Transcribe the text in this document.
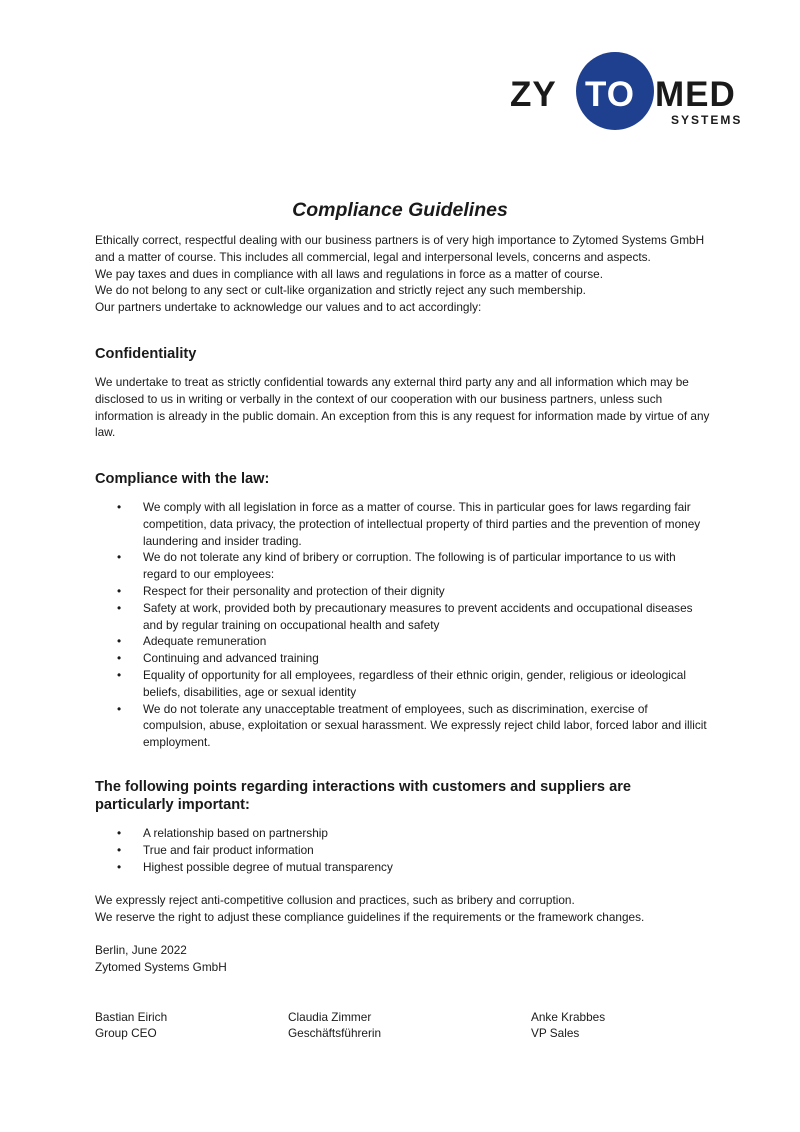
ZY TO MED
SYSTEMS
Compliance Guidelines

Ethically correct, respectful dealing with our business partners is of very high importance to Zytomed Systems GmbH and a matter of course. This includes all commercial, legal and interpersonal levels, concerns and aspects.

We pay taxes and dues in compliance with all laws and regulations in force as a matter of course.

We do not belong to any sect or cult-like organization and strictly reject any such membership.

Our partners undertake to acknowledge our values and to act accordingly:

Confidentiality

We undertake to treat as strictly confidential towards any external third party any and all information which may be disclosed to us in writing or verbally in the context of our cooperation with our business partners, unless such information is already in the public domain. An exception from this is any request for information made by virtue of any law.

Compliance with the law:
• We comply with all legislation in force as a matter of course. This in particular goes for laws regarding fair competition, data privacy, the protection of intellectual property of third parties and the prevention of money laundering and insider trading.
• We do not tolerate any kind of bribery or corruption. The following is of particular importance to us with regard to our employees:
• Respect for their personality and protection of their dignity
• Safety at work, provided both by precautionary measures to prevent accidents and occupational diseases and by regular training on occupational health and safety
• Adequate remuneration
• Continuing and advanced training
• Equality of opportunity for all employees, regardless of their ethnic origin, gender, religious or ideological beliefs, disabilities, age or sexual identity
• We do not tolerate any unacceptable treatment of employees, such as discrimination, exercise of compulsion, abuse, exploitation or sexual harassment. We expressly reject child labor, forced labor and illicit employment.
The following points regarding interactions with customers and suppliers are particularly important:
• A relationship based on partnership
• True and fair product information
• Highest possible degree of mutual transparency

We expressly reject anti-competitive collusion and practices, such as bribery and corruption.

We reserve the right to adjust these compliance guidelines if the requirements or the framework changes.

Berlin, June 2022

Zytomed Systems GmbH

Bastian Eirich
Group CEO
Claudia Zimmer
Geschäftsführerin
Anke Krabbes
VP Sales
